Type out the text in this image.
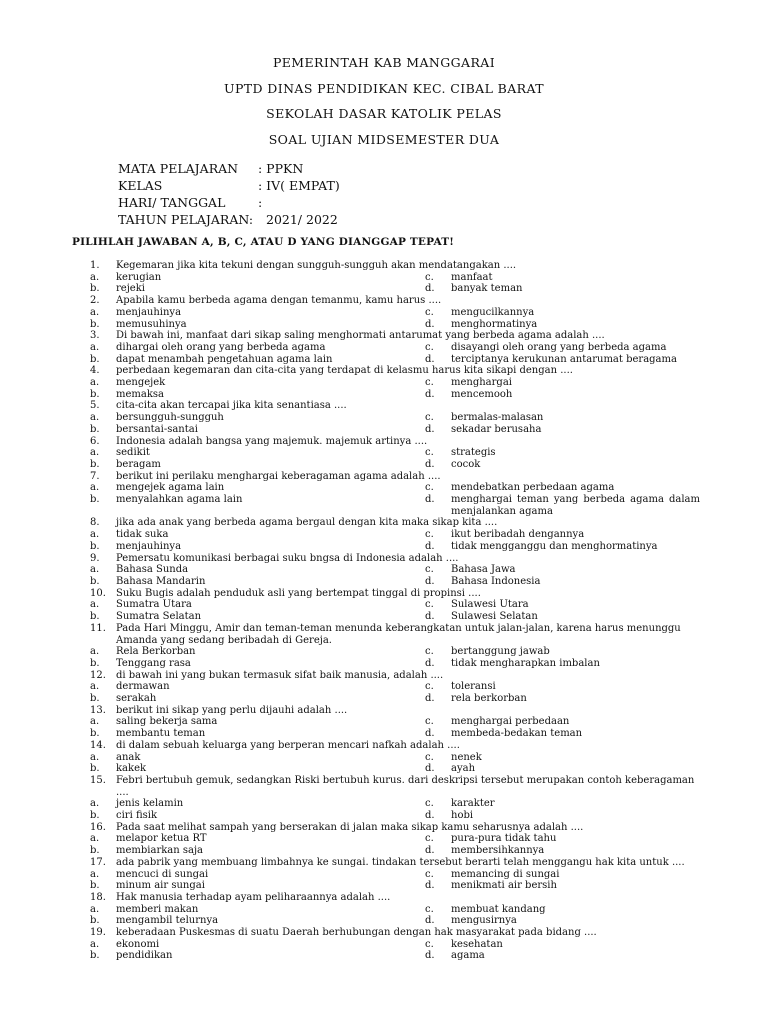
PEMERINTAH KAB MANGGARAI
UPTD DINAS PENDIDIKAN KEC. CIBAL BARAT
SEKOLAH DASAR KATOLIK PELAS
SOAL UJIAN MIDSEMESTER DUA
MATA PELAJARAN	: PPKN
KELAS	: IV( EMPAT)
HARI/ TANGGAL	:
TAHUN PELAJARAN:	2021/ 2022
PILIHLAH JAWABAN A, B, C, ATAU D YANG DIANGGAP TEPAT!
1.	Kegemaran jika kita tekuni dengan sungguh-sungguh akan mendatangakan ....
a.	kerugian	c.	manfaat
b.	rejeki	d.	banyak teman
2.	Apabila kamu berbeda agama dengan temanmu, kamu harus ....
a.	menjauhinya	c.	mengucilkannya
b.	memusuhinya	d.	menghormatinya
3.	Di bawah ini, manfaat dari sikap saling menghormati antarumat yang berbeda agama adalah ....
a.	dihargai oleh orang yang berbeda agama	c.	disayangi oleh orang yang berbeda agama
b.	dapat menambah pengetahuan agama lain	d.	terciptanya kerukunan antarumat beragama
4.	perbedaan kegemaran dan cita-cita yang terdapat di kelasmu harus kita sikapi dengan ....
a.	mengejek	c.	menghargai
b.	memaksa	d.	mencemooh
5.	cita-cita akan tercapai jika kita senantiasa ....
a.	bersungguh-sungguh	c.	bermalas-malasan
b.	bersantai-santai	d.	sekadar berusaha
6.	Indonesia adalah bangsa yang majemuk. majemuk artinya ....
a.	sedikit	c.	strategis
b.	beragam	d.	cocok
7.	berikut ini perilaku menghargai keberagaman agama adalah ....
a.	mengejek agama lain	c.	mendebatkan perbedaan agama
b.	menyalahkan agama lain	d.	menghargai teman yang berbeda agama dalam menjalankan agama
8.	jika ada anak yang berbeda agama bergaul dengan kita maka sikap kita ....
a.	tidak suka	c.	ikut beribadah dengannya
b.	menjauhinya	d.	tidak mengganggu dan menghormatinya
9.	Pemersatu komunikasi berbagai suku bngsa di Indonesia adalah ....
a.	Bahasa Sunda	c.	Bahasa Jawa
b.	Bahasa Mandarin	d.	Bahasa Indonesia
10.	Suku Bugis adalah penduduk asli yang bertempat tinggal di propinsi ....
a.	Sumatra Utara	c.	Sulawesi Utara
b.	Sumatra Selatan	d.	Sulawesi Selatan
11.	Pada Hari Minggu, Amir dan teman-teman menunda keberangkatan untuk jalan-jalan, karena harus menunggu Amanda yang sedang beribadah di Gereja.
a.	Rela Berkorban	c.	bertanggung jawab
b.	Tenggang rasa	d.	tidak mengharapkan imbalan
12.	di bawah ini yang bukan termasuk sifat baik manusia, adalah ....
a.	dermawan	c.	toleransi
b.	serakah	d.	rela berkorban
13.	berikut ini sikap yang perlu dijauhi adalah ....
a.	saling bekerja sama	c.	menghargai perbedaan
b.	membantu teman	d.	membeda-bedakan teman
14.	di dalam sebuah keluarga yang berperan mencari nafkah adalah ....
a.	anak	c.	nenek
b.	kakek	d.	ayah
15.	Febri bertubuh gemuk, sedangkan Riski bertubuh kurus. dari deskripsi tersebut merupakan contoh keberagaman ....
a.	jenis kelamin	c.	karakter
b.	ciri fisik	d.	hobi
16.	Pada saat melihat sampah yang berserakan di jalan maka sikap kamu seharusnya adalah ....
a.	melapor ketua RT	c.	pura-pura tidak tahu
b.	membiarkan saja	d.	membersihkannya
17.	ada pabrik yang membuang limbahnya ke sungai. tindakan tersebut berarti telah menggangu hak kita untuk ....
a.	mencuci di sungai	c.	memancing di sungai
b.	minum air sungai	d.	menikmati air bersih
18.	Hak manusia terhadap ayam peliharaannya adalah ....
a.	memberi makan	c.	membuat kandang
b.	mengambil telurnya	d.	mengusirnya
19.	keberadaan Puskesmas di suatu Daerah berhubungan dengan hak masyarakat pada bidang ....
a.	ekonomi	c.	kesehatan
b.	pendidikan	d.	agama
